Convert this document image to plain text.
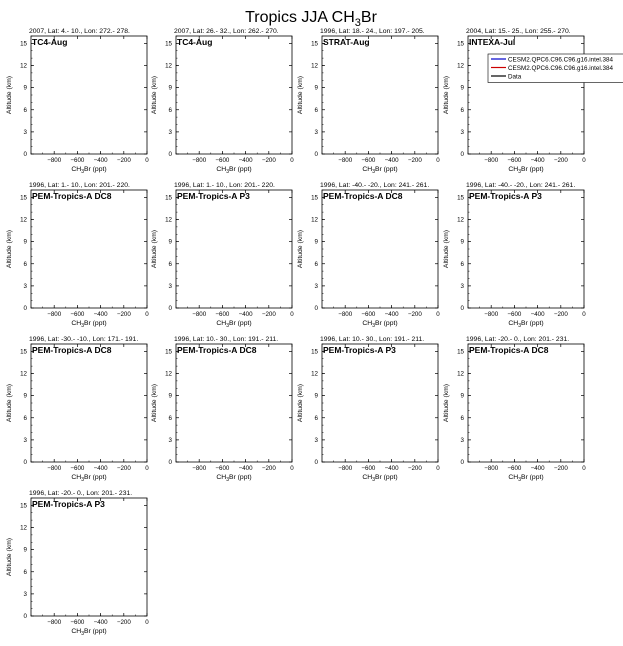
Tropics JJA $CH_3Br$
2007, Lat: 4.- 10., Lon: 272.- 278.
TC4-Aug
−800 −600 −400 −200 0
0
3
6
9
12
15
$CH_3Br$ (ppt)
Altitude (km)
2007, Lat: 26.- 32., Lon: 262.- 270.
TC4-Aug
−800 −600 −400 −200 0
0
3
6
9
12
15
$CH_3Br$ (ppt)
Altitude (km)
1996, Lat: 18.- 24., Lon: 197.- 205.
STRAT-Aug
−800 −600 −400 −200 0
0
3
6
9
12
15
$CH_3Br$ (ppt)
Altitude (km)
2004, Lat: 15.- 25., Lon: 255.- 270.
INTEXA-Jul
−800 −600 −400 −200 0
0
3
6
9
12
15
$CH_3Br$ (ppt)
Altitude (km)
CESM2.QPC6.C96.C96.g16.intel.384
CESM2.QPC6.C96.C96.g16.intel.384
Data
1996, Lat: 1.- 10., Lon: 201.- 220.
PEM-Tropics-A DC8
−800 −600 −400 −200 0
0
3
6
9
12
15
$CH_3Br$ (ppt)
Altitude (km)
1996, Lat: 1.- 10., Lon: 201.- 220.
PEM-Tropics-A P3
−800 −600 −400 −200 0
0
3
6
9
12
15
$CH_3Br$ (ppt)
Altitude (km)
1996, Lat: -40.- -20., Lon: 241.- 261.
PEM-Tropics-A DC8
−800 −600 −400 −200 0
0
3
6
9
12
15
$CH_3Br$ (ppt)
Altitude (km)
1996, Lat: -40.- -20., Lon: 241.- 261.
PEM-Tropics-A P3
−800 −600 −400 −200 0
0
3
6
9
12
15
$CH_3Br$ (ppt)
Altitude (km)
1996, Lat: -30.- -10., Lon: 171.- 191.
PEM-Tropics-A DC8
−800 −600 −400 −200 0
0
3
6
9
12
15
$CH_3Br$ (ppt)
Altitude (km)
1996, Lat: 10.- 30., Lon: 191.- 211.
PEM-Tropics-A DC8
−800 −600 −400 −200 0
0
3
6
9
12
15
$CH_3Br$ (ppt)
Altitude (km)
1996, Lat: 10.- 30., Lon: 191.- 211.
PEM-Tropics-A P3
−800 −600 −400 −200 0
0
3
6
9
12
15
$CH_3Br$ (ppt)
Altitude (km)
1996, Lat: -20.- 0., Lon: 201.- 231.
PEM-Tropics-A DC8
−800 −600 −400 −200 0
0
3
6
9
12
15
$CH_3Br$ (ppt)
Altitude (km)
1996, Lat: -20.- 0., Lon: 201.- 231.
PEM-Tropics-A P3
−800 −600 −400 −200 0
0
3
6
9
12
15
$CH_3Br$ (ppt)
Altitude (km)
